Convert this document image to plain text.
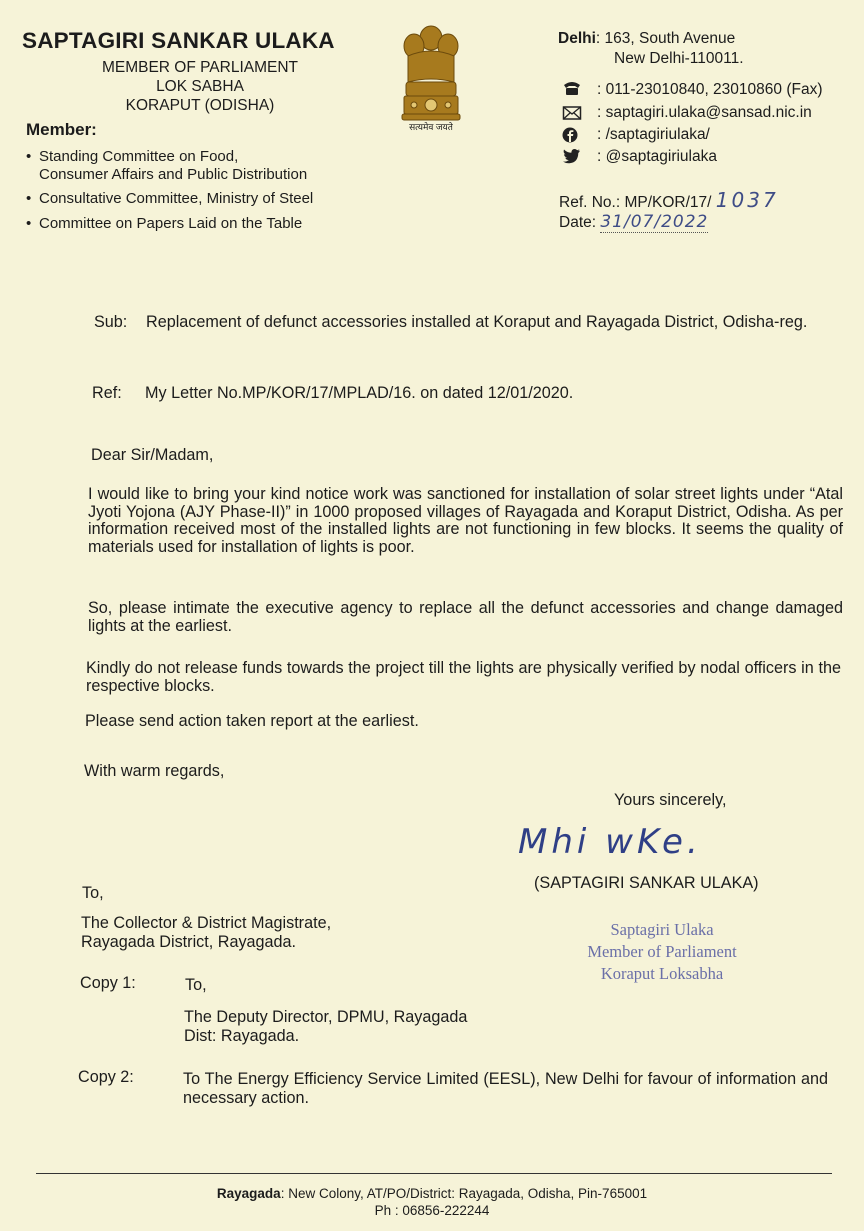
SAPTAGIRI SANKAR ULAKA
MEMBER OF PARLIAMENT
LOK SABHA
KORAPUT (ODISHA)
Member:
• Standing Committee on Food,
Consumer Affairs and Public Distribution
• Consultative Committee, Ministry of Steel
• Committee on Papers Laid on the Table
सत्यमेव जयते
Delhi: 163, South Avenue
New Delhi-110011.
: 011-23010840, 23010860 (Fax)
: saptagiri.ulaka@sansad.nic.in
: /saptagiriulaka/
: @saptagiriulaka
Ref. No.: MP/KOR/17/ 1037
Date: 31/07/2022
Sub: Replacement of defunct accessories installed at Koraput and Rayagada District, Odisha-reg.
Ref: My Letter No.MP/KOR/17/MPLAD/16. on dated 12/01/2020.
Dear Sir/Madam,
I would like to bring your kind notice work was sanctioned for installation of solar street lights under “Atal Jyoti Yojona (AJY Phase-II)” in 1000 proposed villages of Rayagada and Koraput District, Odisha. As per information received most of the installed lights are not functioning in few blocks. It seems the quality of materials used for installation of lights is poor.
So, please intimate the executive agency to replace all the defunct accessories and change damaged lights at the earliest.
Kindly do not release funds towards the project till the lights are physically verified by nodal officers in the respective blocks.
Please send action taken report at the earliest.
With warm regards,
Yours sincerely,
Mhi wKe.
(SAPTAGIRI SANKAR ULAKA)
Saptagiri Ulaka
Member of Parliament
Koraput Loksabha
To,
The Collector & District Magistrate,
Rayagada District, Rayagada.
Copy 1:	To,
The Deputy Director, DPMU, Rayagada
Dist: Rayagada.
Copy 2:	To The Energy Efficiency Service Limited (EESL), New Delhi for favour of information and necessary action.
Rayagada: New Colony, AT/PO/District: Rayagada, Odisha, Pin-765001
Ph : 06856-222244
